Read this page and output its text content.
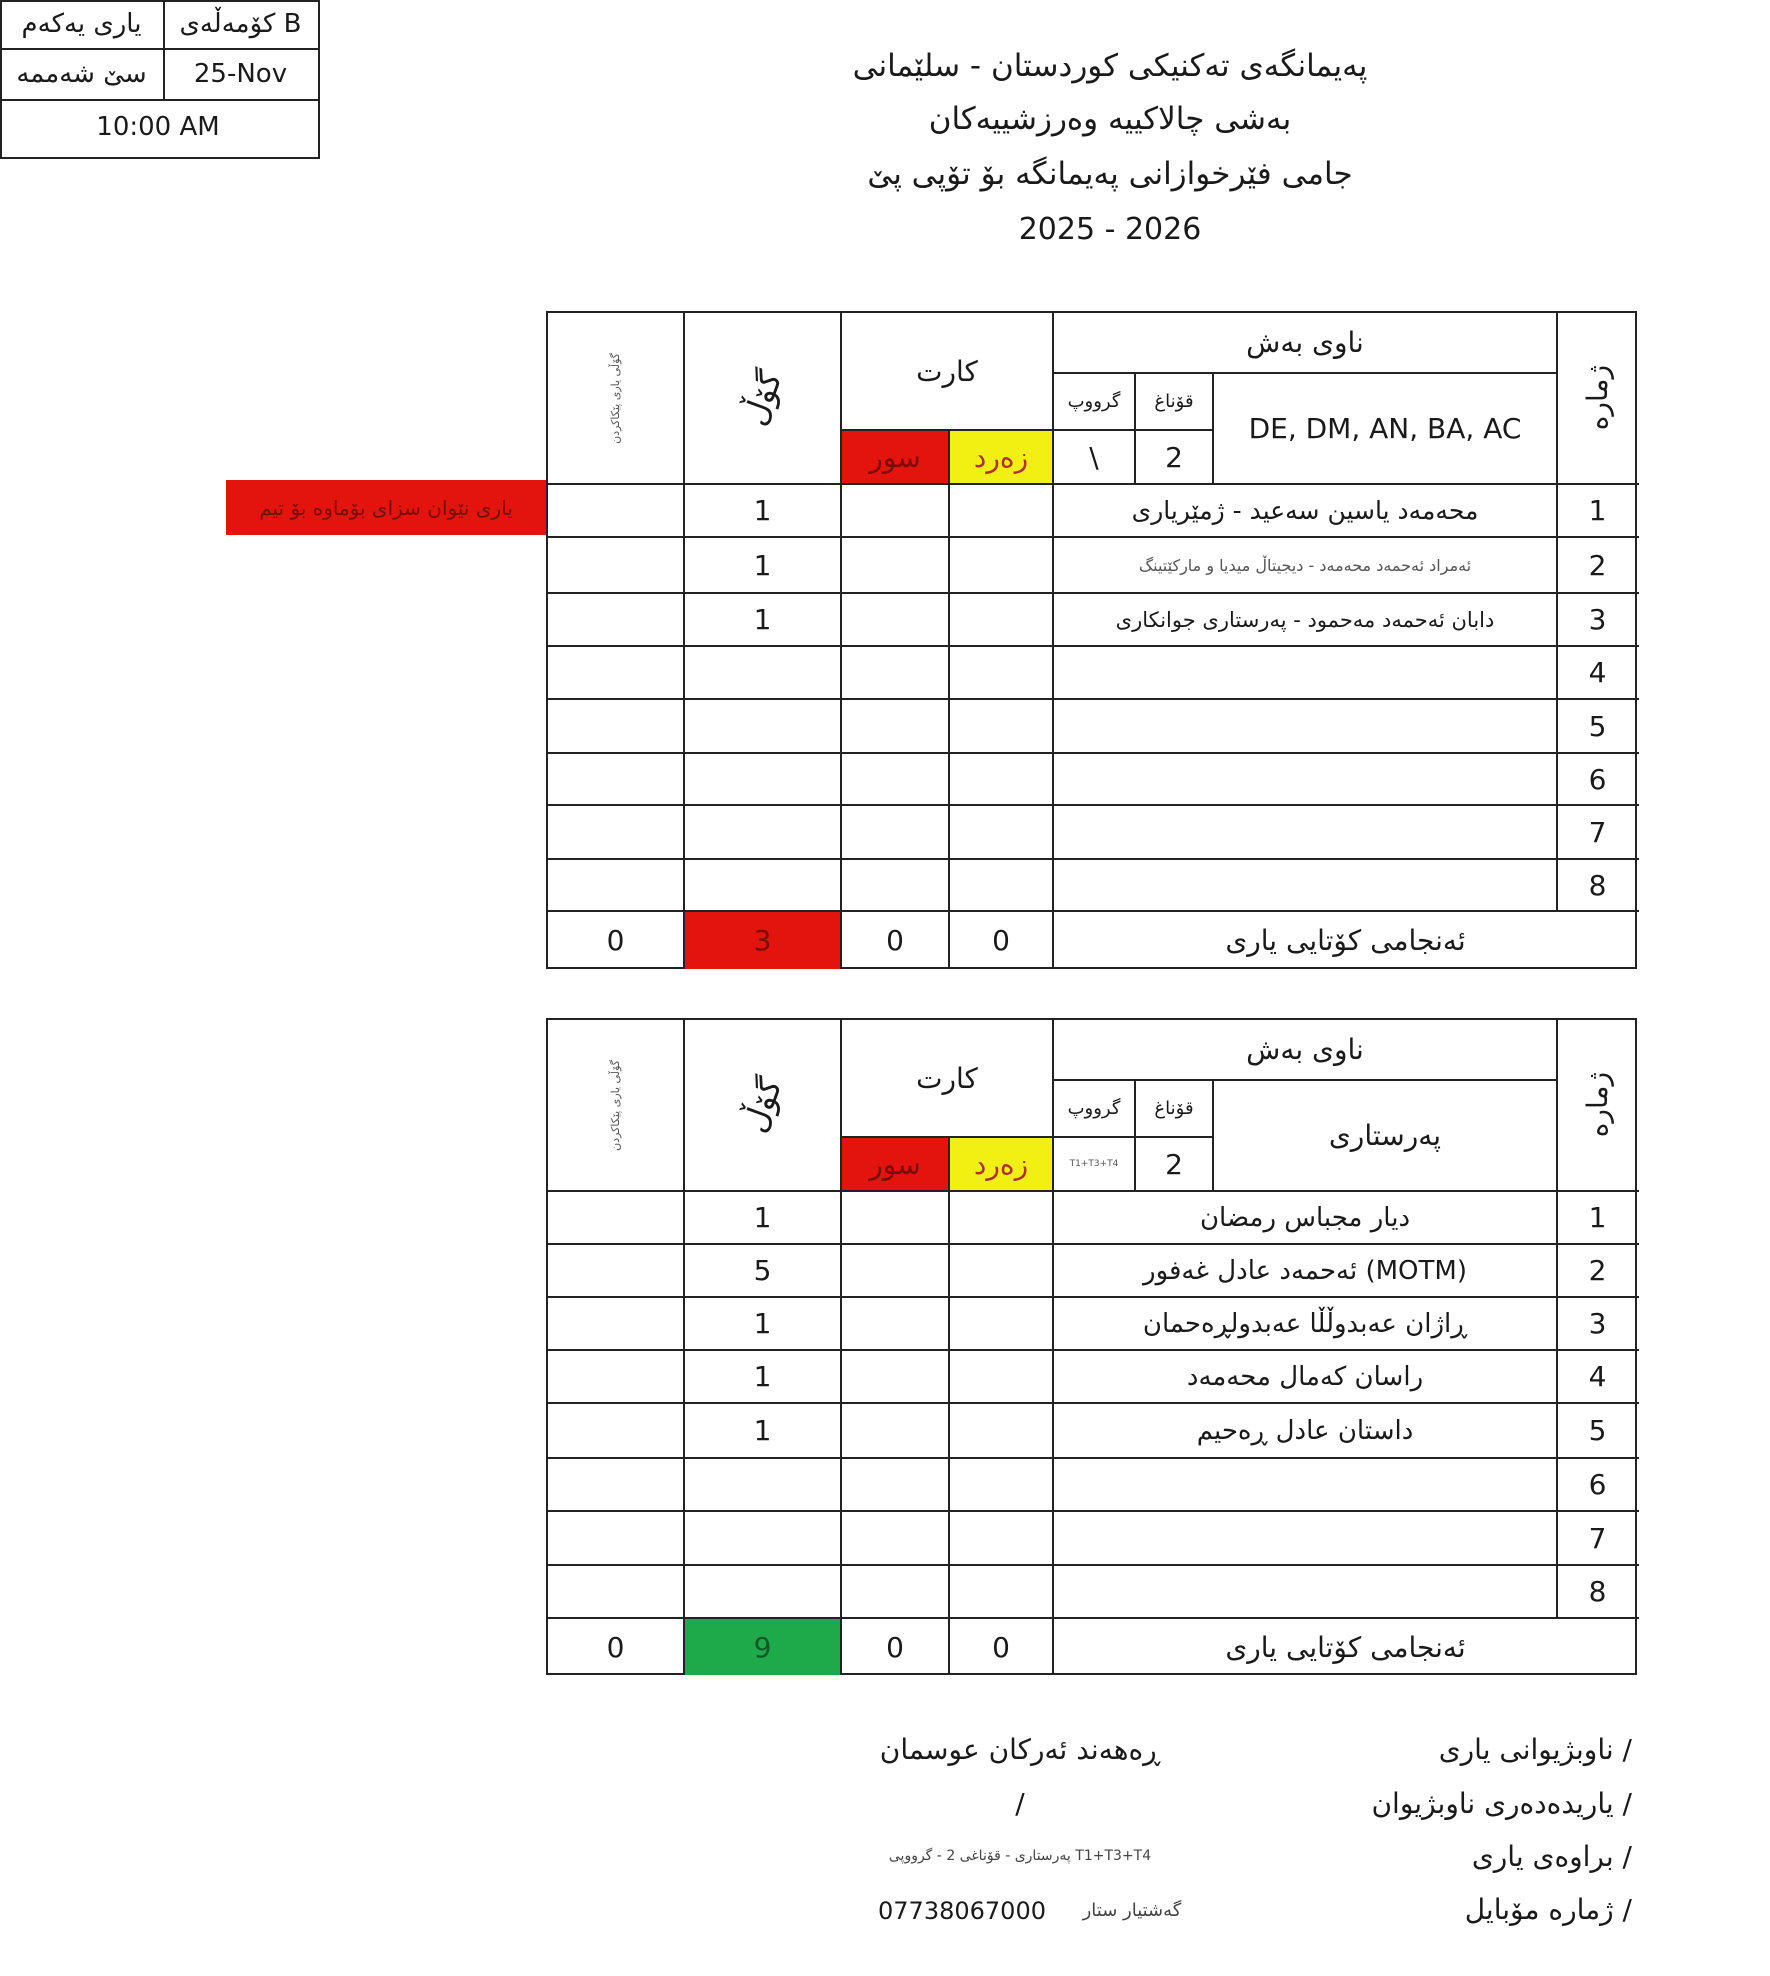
یاری یەکەم	کۆمەڵەی B
سێ شەممە	25-Nov
10:00 AM
پەیمانگەی تەکنیکی کوردستان - سلێمانی
بەشی چالاکییە وەرزشییەکان
جامی فێرخوازانی پەیمانگە بۆ تۆپی پێ
2025 - 2026
یاری نێوان سزای بۆماوە بۆ تیم
ژمارە
ناوی بەش
DE, DM, AN, BA, AC
قۆناغ
گرووپ
2
\
کارت
زەرد
سور
گۆڵ
گۆڵی یاری پێکاکردن
1
محەمەد یاسین سەعید - ژمێریاری
1
2
ئەمراد ئەحمەد محەمەد - دیجیتاڵ میدیا و مارکێتینگ
1
3
دابان ئەحمەد مەحمود - پەرستاری جوانکاری
1
4
5
6
7
8
ئەنجامی کۆتایی یاری
0
0
3
0
ژمارە
ناوی بەش
پەرستاری
قۆناغ
گرووپ
2
T1+T3+T4
کارت
زەرد
سور
گۆڵ
گۆڵی یاری پێکاکردن
1
دیار مجباس رمضان
1
2
ئەحمەد عادل غەفور (MOTM)
5
3
ڕاژان عەبدوڵڵا عەبدولڕەحمان
1
4
راسان کەمال محەمەد
1
5
داستان عادل ڕەحیم
1
6
7
8
ئەنجامی کۆتایی یاری
0
0
9
0
ناوبژیوانی یاری /
یاریدەدەری ناوبژیوان /
براوەی یاری /
ژمارە مۆبایل /
ڕەهەند ئەرکان عوسمان
/
پەرستاری - قۆناغی 2 - گرووپی T1+T3+T4
گەشتیار ستار
07738067000
